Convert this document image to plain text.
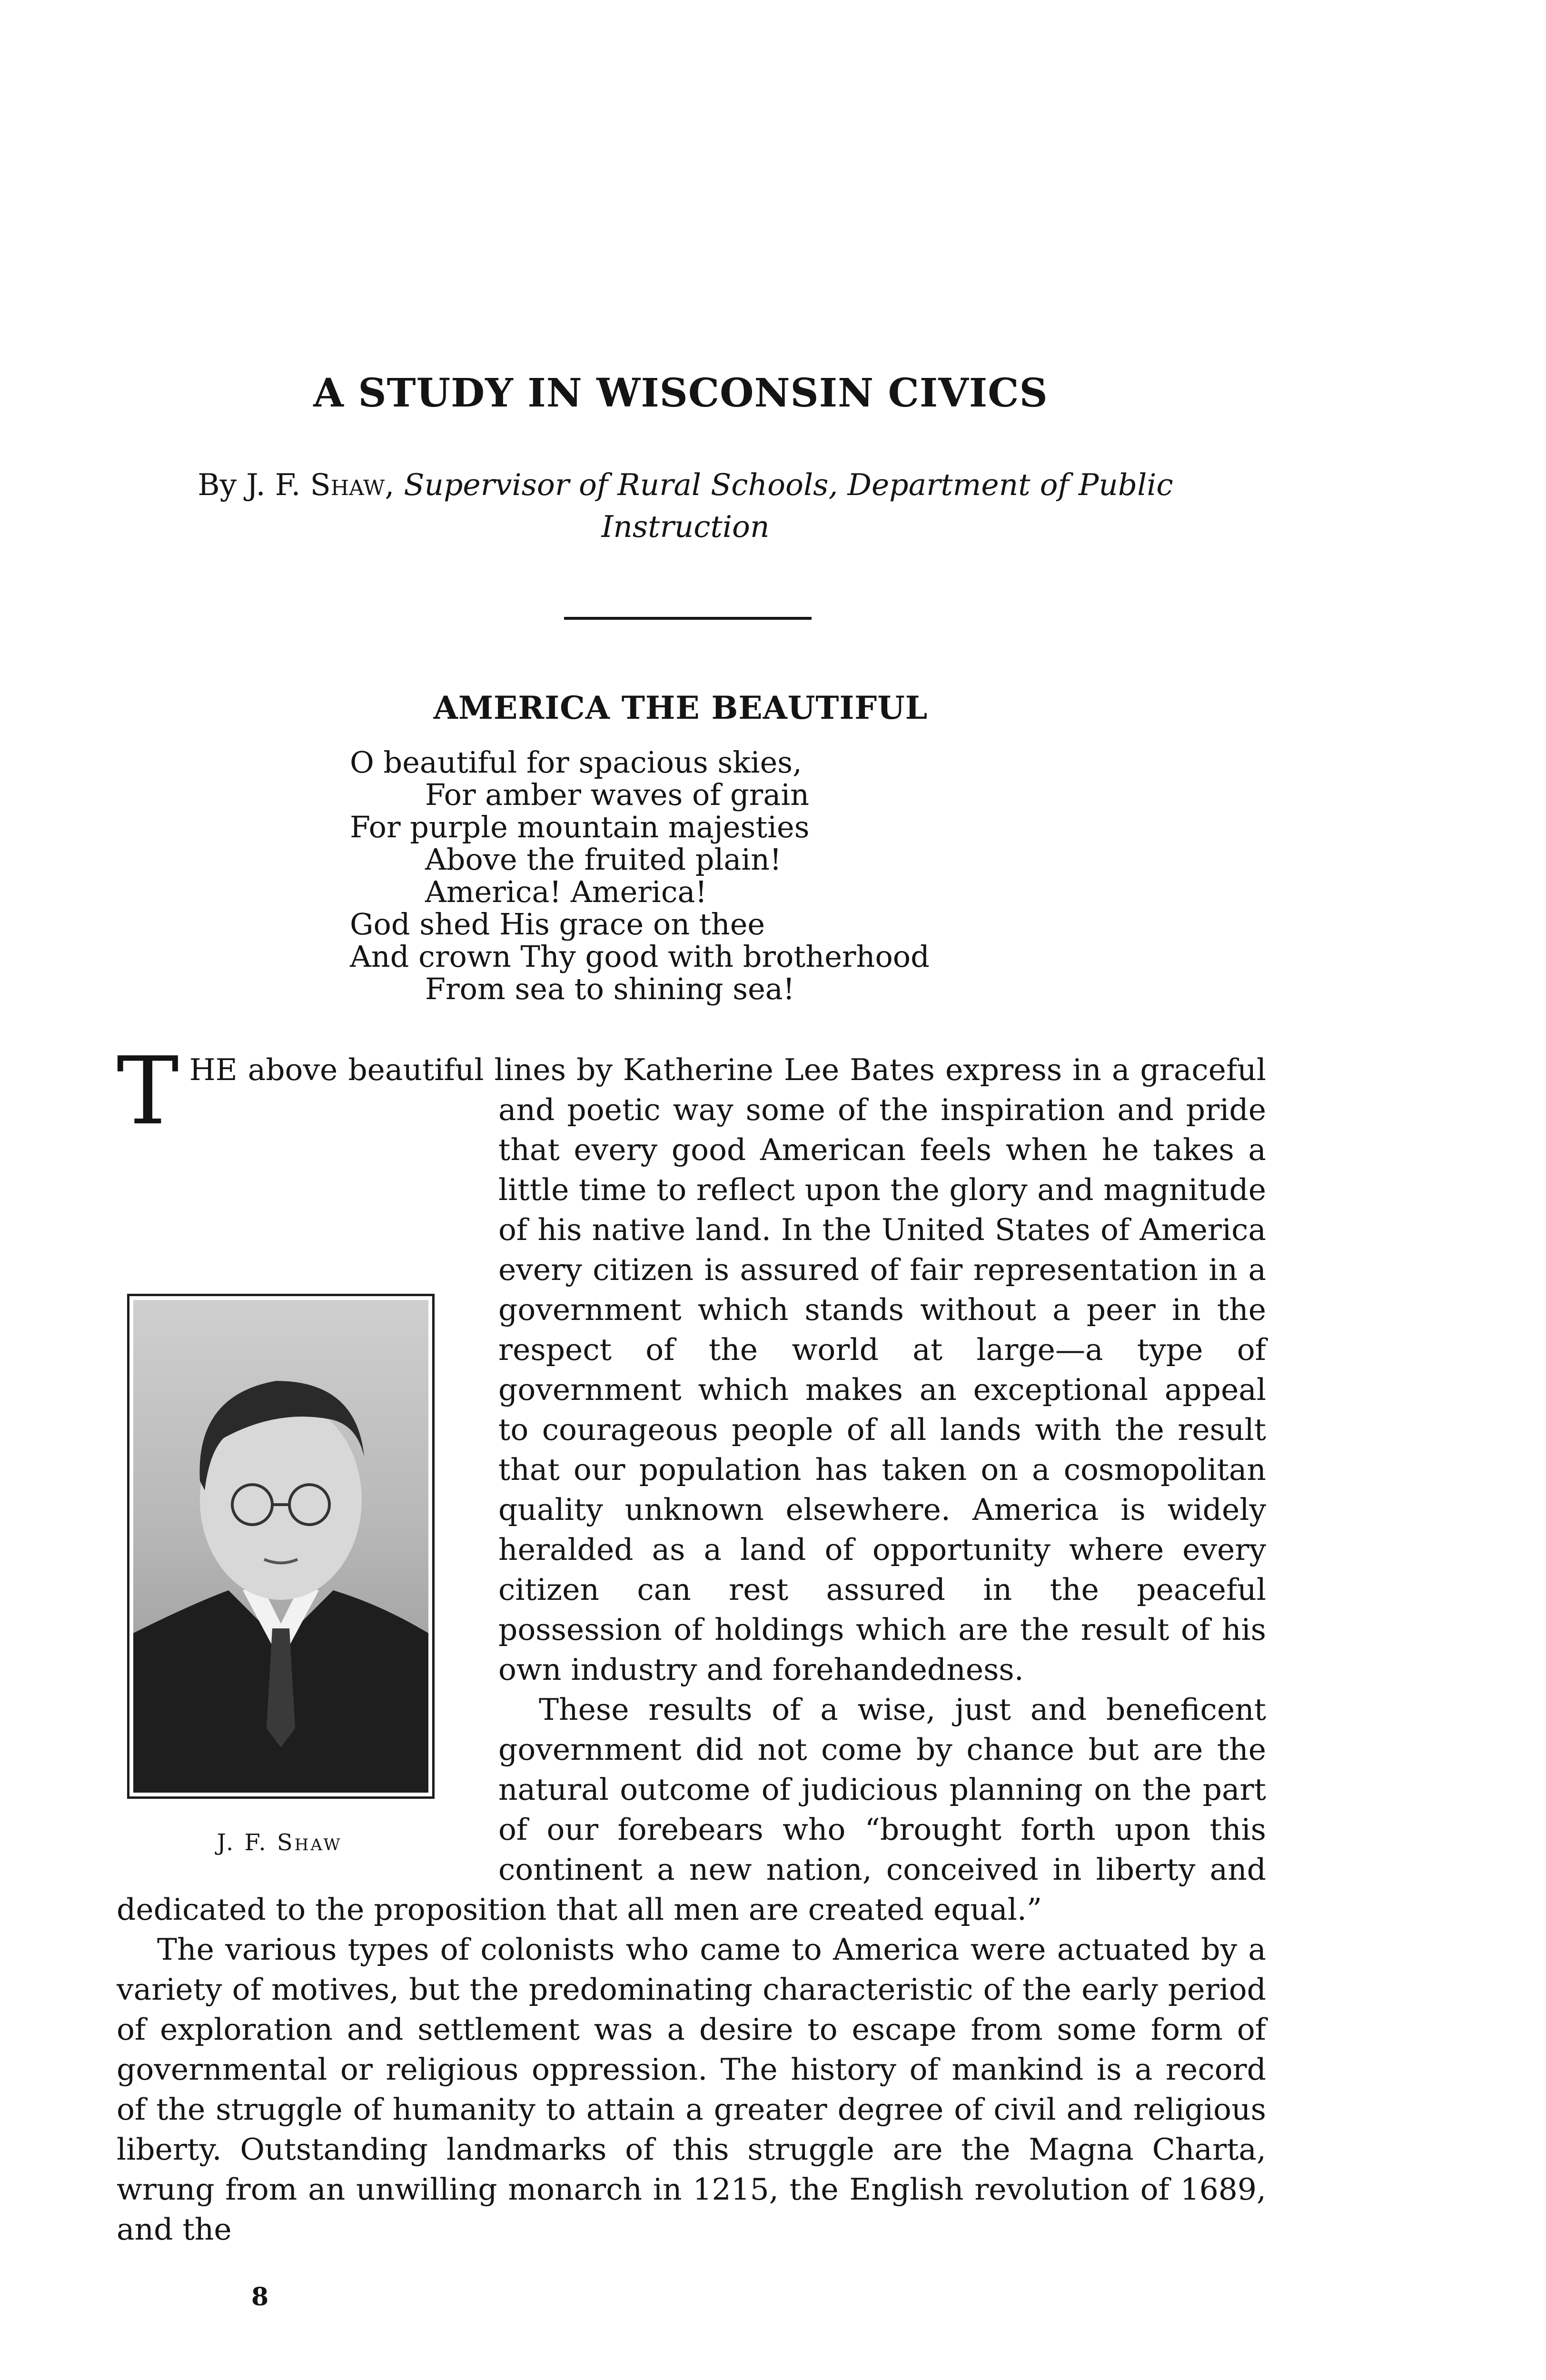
A STUDY IN WISCONSIN CIVICS
By J. F. Shaw, Supervisor of Rural Schools, Department of Public Instruction
AMERICA THE BEAUTIFUL
O beautiful for spacious skies,
For amber waves of grain
For purple mountain majesties
Above the fruited plain!
America! America!
God shed His grace on thee
And crown Thy good with brotherhood
From sea to shining sea!

T
J. F. Shaw
HE above beautiful lines by Katherine Lee Bates express in a graceful and poetic way some of the inspiration and pride that every good American feels when he takes a little time to reflect upon the glory and magnitude of his native land. In the United States of America every citizen is assured of fair representation in a government which stands without a peer in the respect of the world at large—a type of government which makes an exceptional appeal to courageous people of all lands with the result that our population has taken on a cosmopolitan quality unknown elsewhere. America is widely heralded as a land of opportunity where every citizen can rest assured in the peaceful possession of holdings which are the result of his own industry and forehandedness.

These results of a wise, just and beneficent government did not come by chance but are the natural outcome of judicious planning on the part of our forebears who “brought forth upon this continent a new nation, conceived in liberty and dedicated to the proposition that all men are created equal.”

The various types of colonists who came to America were actuated by a variety of motives, but the predominating characteristic of the early period of exploration and settlement was a desire to escape from some form of governmental or religious oppression. The history of mankind is a record of the struggle of humanity to attain a greater degree of civil and religious liberty. Outstanding landmarks of this struggle are the Magna Charta, wrung from an unwilling monarch in 1215, the English revolution of 1689, and the

8
